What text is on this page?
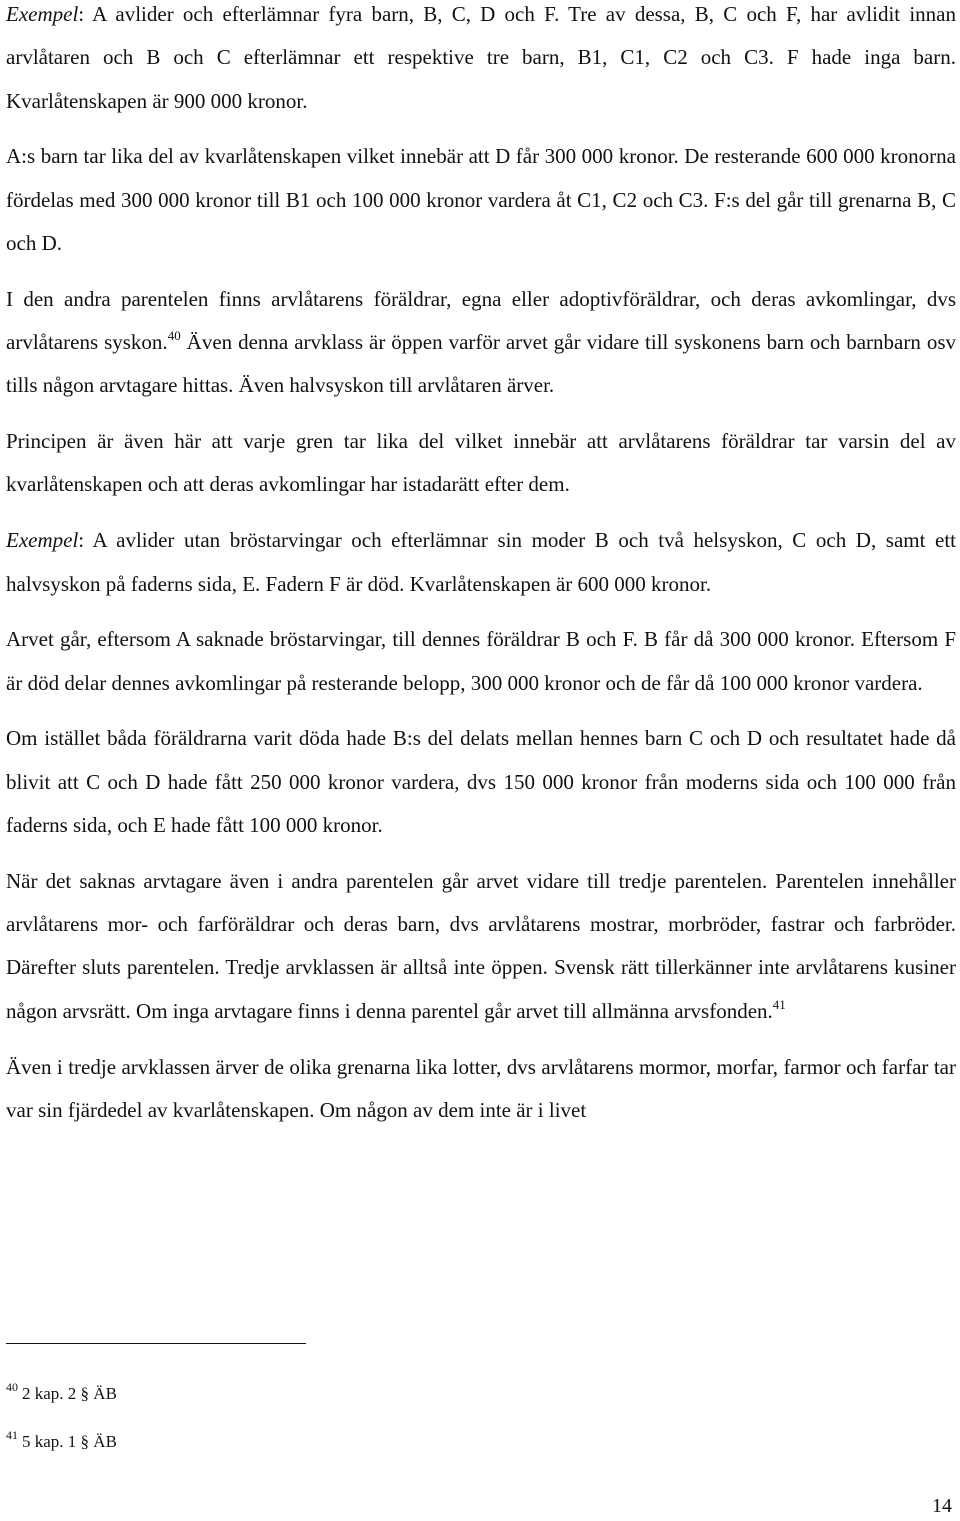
Exempel: A avlider och efterlämnar fyra barn, B, C, D och F. Tre av dessa, B, C och F, har avlidit innan arvlåtaren och B och C efterlämnar ett respektive tre barn, B1, C1, C2 och C3. F hade inga barn. Kvarlåtenskapen är 900 000 kronor.

A:s barn tar lika del av kvarlåtenskapen vilket innebär att D får 300 000 kronor. De resterande 600 000 kronorna fördelas med 300 000 kronor till B1 och 100 000 kronor vardera åt C1, C2 och C3. F:s del går till grenarna B, C och D.

I den andra parentelen finns arvlåtarens föräldrar, egna eller adoptivföräldrar, och deras avkomlingar, dvs arvlåtarens syskon.$^{40}$ Även denna arvklass är öppen varför arvet går vidare till syskonens barn och barnbarn osv tills någon arvtagare hittas. Även halvsyskon till arvlåtaren ärver.

Principen är även här att varje gren tar lika del vilket innebär att arvlåtarens föräldrar tar varsin del av kvarlåtenskapen och att deras avkomlingar har istadarätt efter dem.

Exempel: A avlider utan bröstarvingar och efterlämnar sin moder B och två helsyskon, C och D, samt ett halvsyskon på faderns sida, E. Fadern F är död. Kvarlåtenskapen är 600 000 kronor.

Arvet går, eftersom A saknade bröstarvingar, till dennes föräldrar B och F. B får då 300 000 kronor. Eftersom F är död delar dennes avkomlingar på resterande belopp, 300 000 kronor och de får då 100 000 kronor vardera.

Om istället båda föräldrarna varit döda hade B:s del delats mellan hennes barn C och D och resultatet hade då blivit att C och D hade fått 250 000 kronor vardera, dvs 150 000 kronor från moderns sida och 100 000 från faderns sida, och E hade fått 100 000 kronor.

När det saknas arvtagare även i andra parentelen går arvet vidare till tredje parentelen. Parentelen innehåller arvlåtarens mor- och farföräldrar och deras barn, dvs arvlåtarens mostrar, morbröder, fastrar och farbröder. Därefter sluts parentelen. Tredje arvklassen är alltså inte öppen. Svensk rätt tillerkänner inte arvlåtarens kusiner någon arvsrätt. Om inga arvtagare finns i denna parentel går arvet till allmänna arvsfonden.$^{41}$

Även i tredje arvklassen ärver de olika grenarna lika lotter, dvs arvlåtarens mormor, morfar, farmor och farfar tar var sin fjärdedel av kvarlåtenskapen. Om någon av dem inte är i livet

$^{40}$ 2 kap. 2 § ÄB
$^{41}$ 5 kap. 1 § ÄB
14
